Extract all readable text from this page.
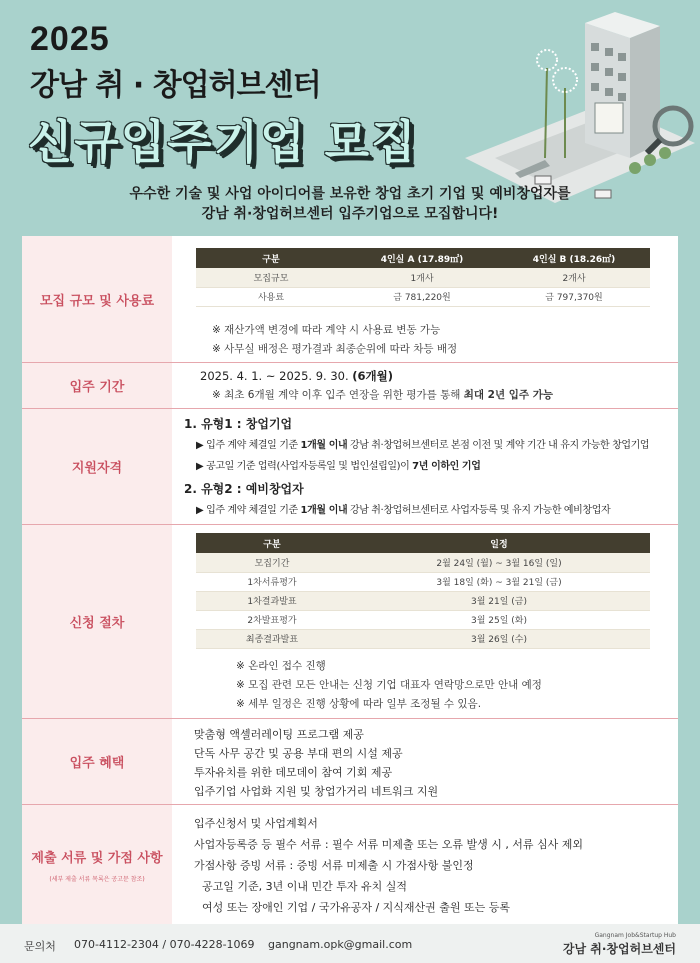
2025
강남 취 · 창업허브센터
신규입주기업 모집
우수한 기술 및 사업 아이디어를 보유한 창업 초기 기업 및 예비창업자를
강남 취·창업허브센터 입주기업으로 모집합니다!
모집 규모 및 사용료
구분	4인실 A (17.89㎡)	4인실 B (18.26㎡)
모집규모	1개사	2개사
사용료	금 781,220원	금 797,370원
※ 재산가액 변경에 따라 계약 시 사용료 변동 가능
※ 사무실 배정은 평가결과 최종순위에 따라 차등 배정
입주 기간
2025. 4. 1. ~ 2025. 9. 30. (6개월)
※ 최초 6개월 계약 이후 입주 연장을 위한 평가를 통해 최대 2년 입주 가능
지원자격
1. 유형1 : 창업기업
▶ 입주 계약 체결일 기준 1개월 이내 강남 취·창업허브센터로 본점 이전 및 계약 기간 내 유지 가능한 창업기업
▶ 공고일 기준 업력(사업자등록일 및 법인설립일)이 7년 이하인 기업
2. 유형2 : 예비창업자
▶ 입주 계약 체결일 기준 1개월 이내 강남 취·창업허브센터로 사업자등록 및 유지 가능한 예비창업자
신청 절차
구분	일정
모집기간	2월 24일 (월) ~ 3월 16일 (일)
1차서류평가	3월 18일 (화) ~ 3월 21일 (금)
1차결과발표	3월 21일 (금)
2차발표평가	3월 25일 (화)
최종결과발표	3월 26일 (수)
※ 온라인 접수 진행
※ 모집 관련 모든 안내는 신청 기업 대표자 연락망으로만 안내 예정
※ 세부 일정은 진행 상황에 따라 일부 조정될 수 있음.
입주 혜택
맞춤형 액셀러레이팅 프로그램 제공
단독 사무 공간 및 공용 부대 편의 시설 제공
투자유치를 위한 데모데이 참여 기회 제공
입주기업 사업화 지원 및 창업가거리 네트워크 지원
제출 서류 및 가점 사항
(세부 제출 서류 목록은 공고문 참조)
입주신청서 및 사업계획서
사업자등록증 등 필수 서류 : 필수 서류 미제출 또는 오류 발생 시 , 서류 심사 제외
가점사항 증빙 서류 : 증빙 서류 미제출 시 가점사항 불인정
공고일 기준, 3년 이내 민간 투자 유치 실적
여성 또는 장애인 기업 / 국가유공자 / 지식재산권 출원 또는 등록
문의처 070-4112-2304 / 070-4228-1069 gangnam.opk@gmail.com
Gangnam Job&Startup Hub
강남 취·창업허브센터
